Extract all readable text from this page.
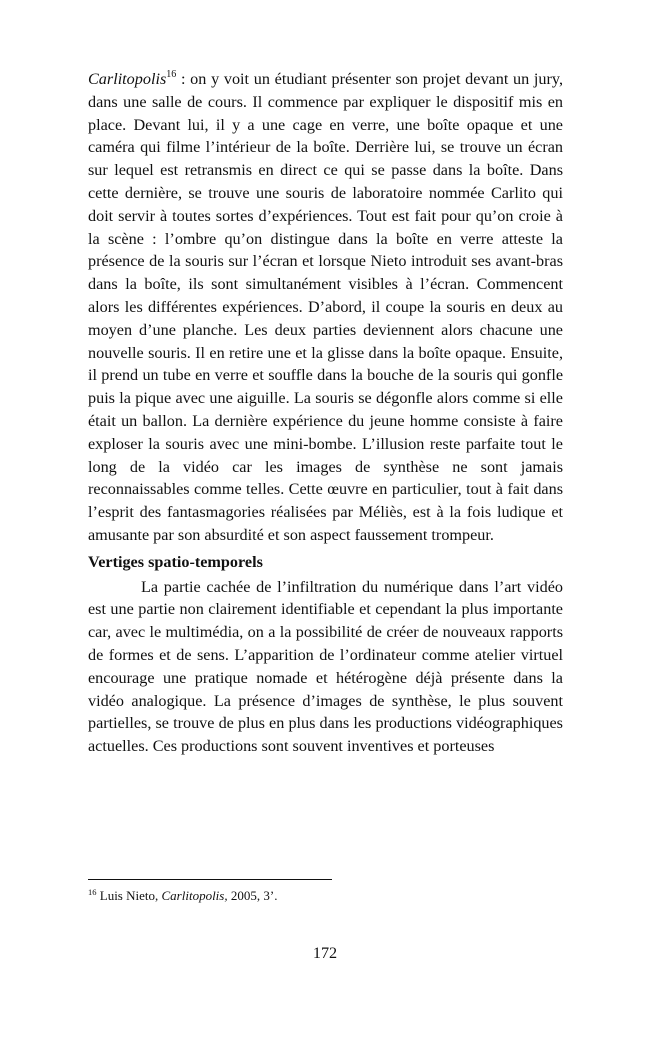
Carlitopolis$^{16}$ : on y voit un étudiant présenter son projet devant un jury, dans une salle de cours. Il commence par expliquer le dispositif mis en place. Devant lui, il y a une cage en verre, une boîte opaque et une caméra qui filme l’intérieur de la boîte. Derrière lui, se trouve un écran sur lequel est retransmis en direct ce qui se passe dans la boîte. Dans cette dernière, se trouve une souris de laboratoire nommée Carlito qui doit servir à toutes sortes d’expériences. Tout est fait pour qu’on croie à la scène : l’ombre qu’on distingue dans la boîte en verre atteste la présence de la souris sur l’écran et lorsque Nieto introduit ses avant-bras dans la boîte, ils sont simultanément visibles à l’écran. Commencent alors les différentes expériences. D’abord, il coupe la souris en deux au moyen d’une planche. Les deux parties deviennent alors chacune une nouvelle souris. Il en retire une et la glisse dans la boîte opaque. Ensuite, il prend un tube en verre et souffle dans la bouche de la souris qui gonfle puis la pique avec une aiguille. La souris se dégonfle alors comme si elle était un ballon. La dernière expérience du jeune homme consiste à faire exploser la souris avec une mini-bombe. L’illusion reste parfaite tout le long de la vidéo car les images de synthèse ne sont jamais reconnaissables comme telles. Cette œuvre en particulier, tout à fait dans l’esprit des fantasmagories réalisées par Méliès, est à la fois ludique et amusante par son absurdité et son aspect faussement trompeur.

Vertiges spatio-temporels

La partie cachée de l’infiltration du numérique dans l’art vidéo est une partie non clairement identifiable et cependant la plus importante car, avec le multimédia, on a la possibilité de créer de nouveaux rapports de formes et de sens. L’apparition de l’ordinateur comme atelier virtuel encourage une pratique nomade et hétérogène déjà présente dans la vidéo analogique. La présence d’images de synthèse, le plus souvent partielles, se trouve de plus en plus dans les productions vidéographiques actuelles. Ces productions sont souvent inventives et porteuses

$^{16}$ Luis Nieto, Carlitopolis, 2005, 3’.
172
